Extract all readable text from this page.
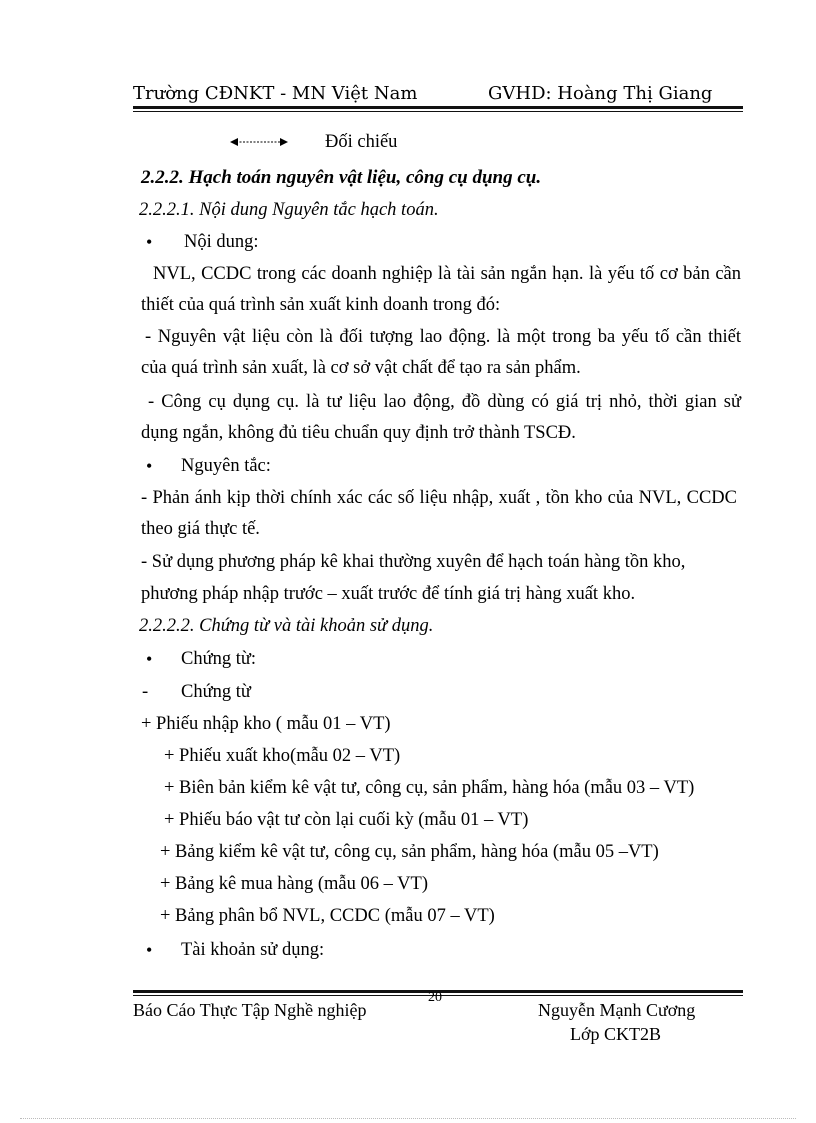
Trường CĐNKT - MN Việt Nam	GVHD: Hoàng Thị Giang
Đối chiếu
2.2.2. Hạch toán nguyên vật liệu, công cụ dụng cụ.
2.2.2.1. Nội dung Nguyên tắc hạch toán.
• Nội dung:
NVL, CCDC trong các doanh nghiệp là tài sản ngắn hạn. là yếu tố cơ bản cần
thiết của quá trình sản xuất kinh doanh trong đó:
- Nguyên vật liệu còn là đối tượng lao động. là một trong ba yếu tố cần thiết
của quá trình sản xuất, là cơ sở vật chất để tạo ra sản phẩm.
- Công cụ dụng cụ. là tư liệu lao động, đồ dùng có giá trị nhỏ, thời gian sử
dụng ngắn, không đủ tiêu chuẩn quy định trở thành TSCĐ.
• Nguyên tắc:
- Phản ánh kịp thời chính xác các số liệu nhập, xuất , tồn kho của NVL, CCDC
theo giá thực tế.
- Sử dụng phương pháp kê khai thường xuyên để hạch toán hàng tồn kho,
phương pháp nhập trước – xuất trước để tính giá trị hàng xuất kho.
2.2.2.2. Chứng từ và tài khoản sử dụng.
• Chứng từ:
- Chứng từ
+ Phiếu nhập kho ( mẫu 01 – VT)
+ Phiếu xuất kho(mẫu 02 – VT)
+ Biên bản kiểm kê vật tư, công cụ, sản phẩm, hàng hóa (mẫu 03 – VT)
+ Phiếu báo vật tư còn lại cuối kỳ (mẫu 01 – VT)
+ Bảng kiểm kê vật tư, công cụ, sản phẩm, hàng hóa (mẫu 05 –VT)
+ Bảng kê mua hàng (mẫu 06 – VT)
+ Bảng phân bổ NVL, CCDC (mẫu 07 – VT)
• Tài khoản sử dụng:
20
Báo Cáo Thực Tập Nghề nghiệp	Nguyễn Mạnh Cương
Lớp CKT2B
